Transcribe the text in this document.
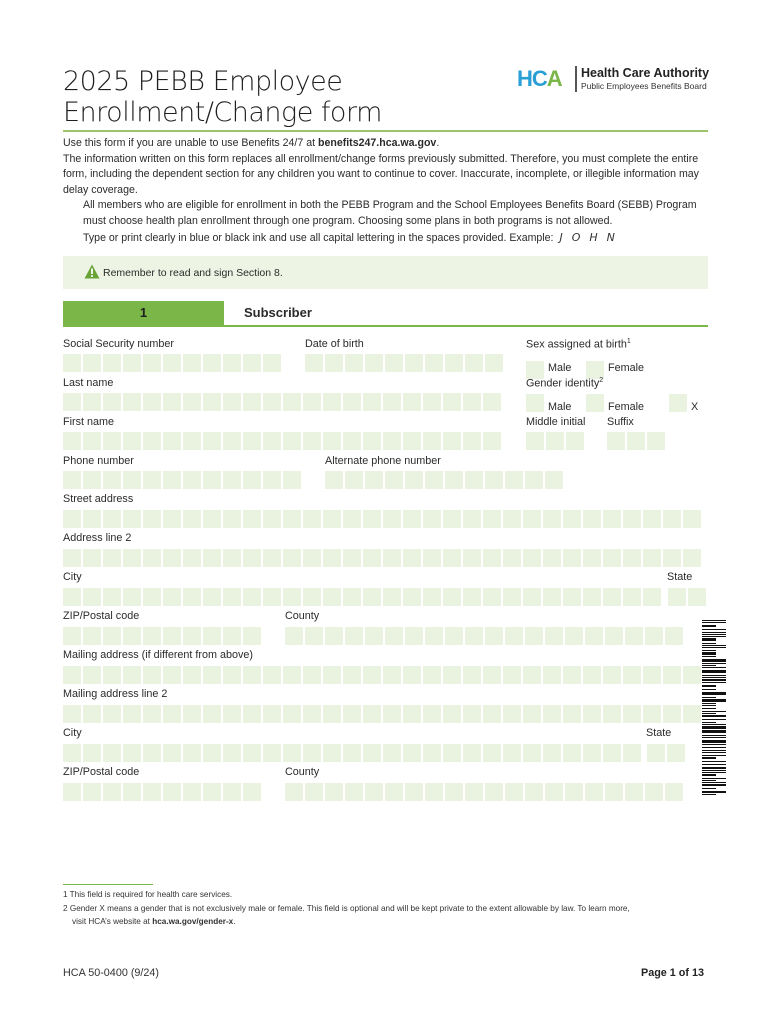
2025 PEBB Employee
Enrollment/Change form
HCA Health Care Authority
Public Employees Benefits Board

Use this form if you are unable to use Benefits 24/7 at benefits247.hca.wa.gov.

The information written on this form replaces all enrollment/change forms previously submitted. Therefore, you must complete the entire form, including the dependent section for any children you want to continue to cover. Inaccurate, incomplete, or illegible information may delay coverage.

All members who are eligible for enrollment in both the PEBB Program and the School Employees Benefits Board (SEBB) Program must choose health plan enrollment through one program. Choosing some plans in both programs is not allowed.

Type or print clearly in blue or black ink and use all capital lettering in the spaces provided. Example: JOHN

Remember to read and sign Section 8.
1	Subscriber
Social Security number	Date of birth	Sex assigned at birth$^1$
Male	Female
Last name	Gender identity$^2$
Male	Female	X
First name	Middle initial Suffix
Phone number	Alternate phone number
Street address
Address line 2
City	State
ZIP/Postal code	County
Mailing address (if different from above)
Mailing address line 2
City	State
ZIP/Postal code	County
1 This field is required for health care services.
2 Gender X means a gender that is not exclusively male or female. This field is optional and will be kept private to the extent allowable by law. To learn more,
visit HCA’s website at hca.wa.gov/gender-x.
HCA 50-0400 (9/24)	Page 1 of 13
